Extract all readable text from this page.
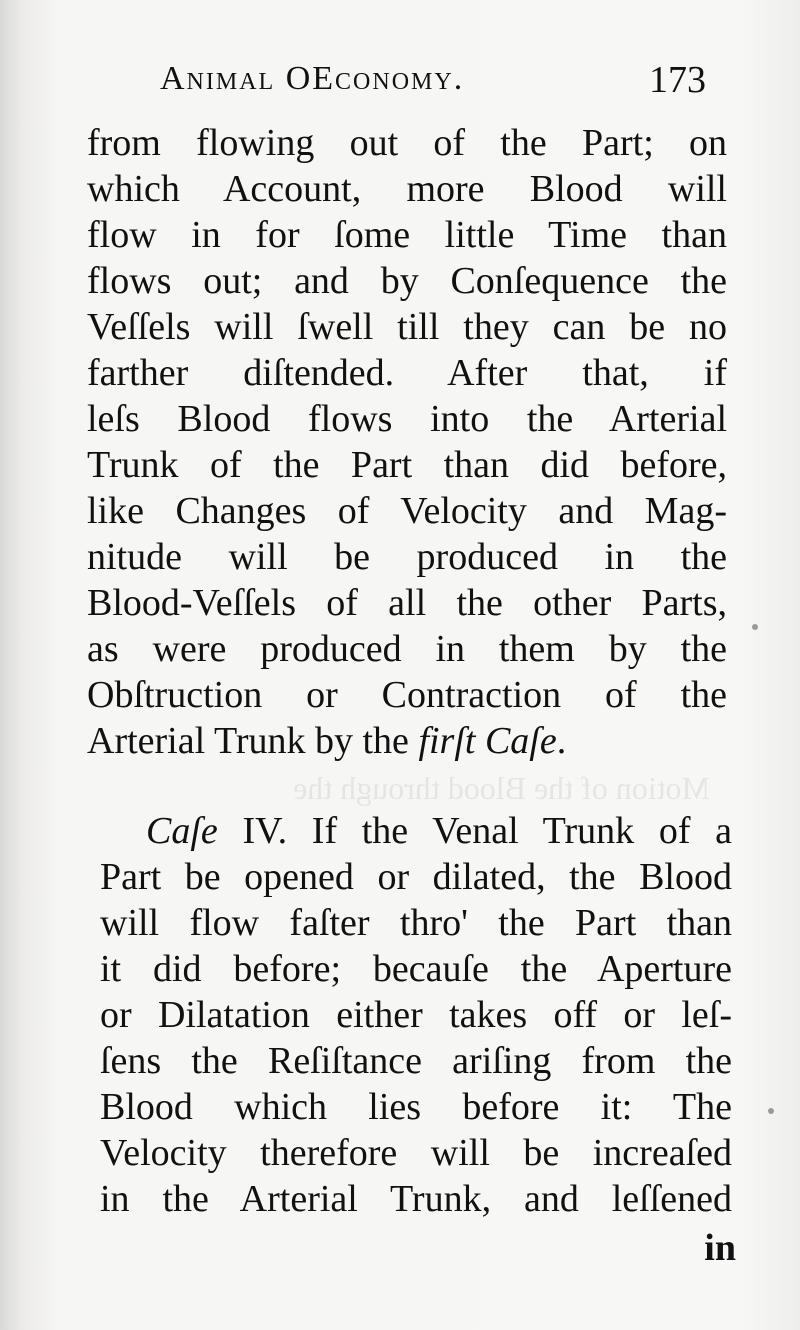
Motion of the Blood through the
Animal OEconomy.	173
from flowing out of the Part; on
which Account, more Blood will
flow in for ſome little Time than
flows out; and by Conſequence the
Veſſels will ſwell till they can be no
farther diſtended. After that, if
leſs Blood flows into the Arterial
Trunk of the Part than did before,
like Changes of Velocity and Mag-
nitude will be produced in the
Blood-Veſſels of all the other Parts,
as were produced in them by the
Obſtruction or Contraction of the
Arterial Trunk by the firſt Caſe.
Caſe IV. If the Venal Trunk of a
Part be opened or dilated, the Blood
will flow faſter thro' the Part than
it did before; becauſe the Aperture
or Dilatation either takes off or leſ-
ſens the Reſiſtance ariſing from the
Blood which lies before it: The
Velocity therefore will be increaſed
in the Arterial Trunk, and leſſened
in
